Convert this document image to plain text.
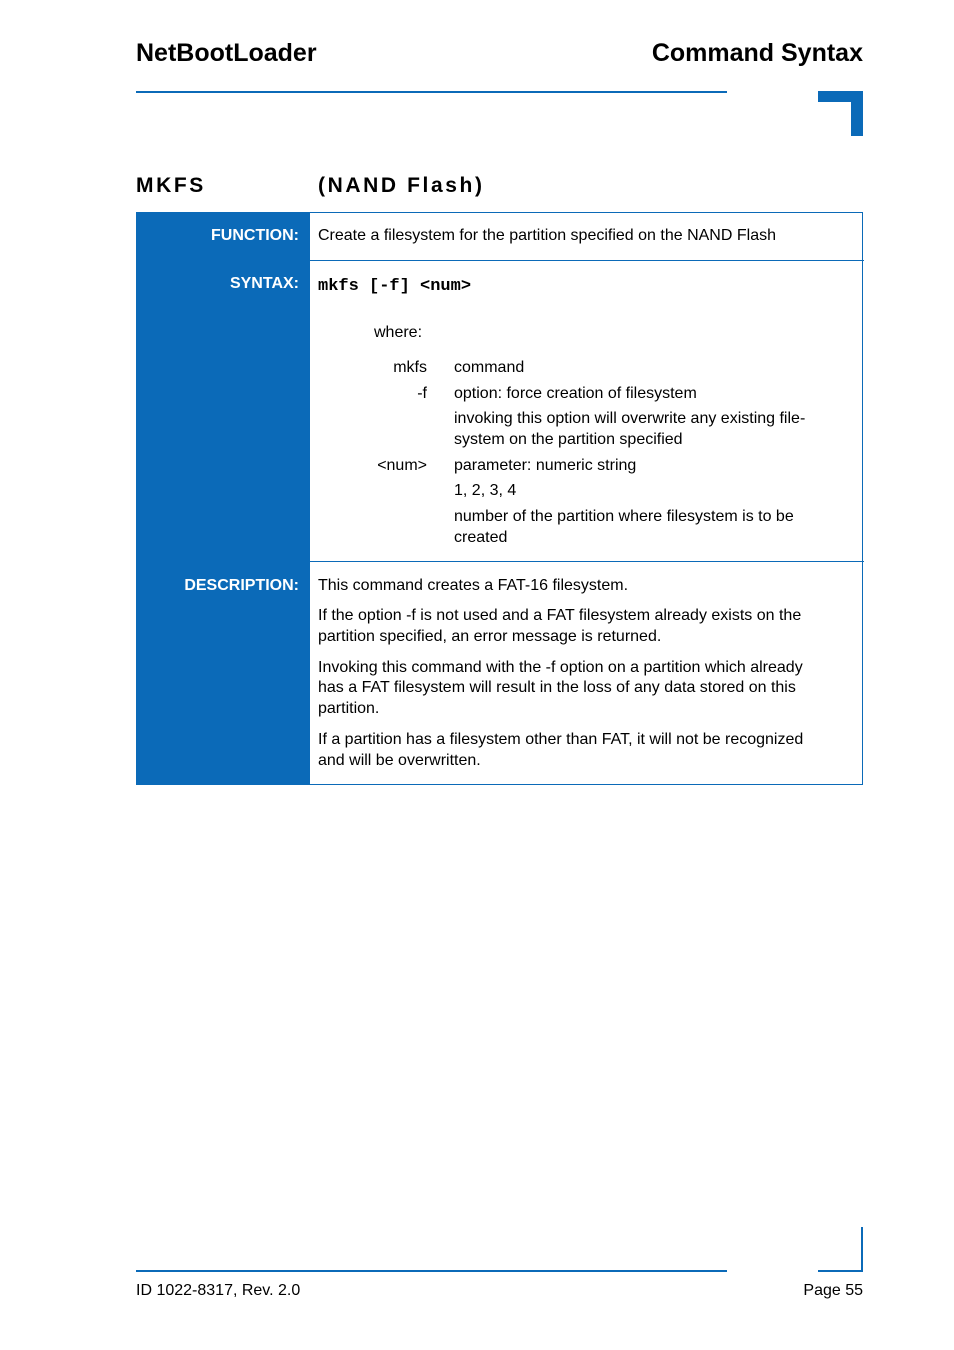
NetBootLoader	Command Syntax
MKFS	(NAND Flash)
FUNCTION: Create a filesystem for the partition specified on the NAND Flash
SYNTAX: mkfs [-f] <num>
where:
mkfs command
-f option: force creation of filesystem
invoking this option will overwrite any existing file-
system on the partition specified
<num> parameter: numeric string
1, 2, 3, 4
number of the partition where filesystem is to be
created
DESCRIPTION: This command creates a FAT-16 filesystem.
If the option -f is not used and a FAT filesystem already exists on the
partition specified, an error message is returned.
Invoking this command with the -f option on a partition which already
has a FAT filesystem will result in the loss of any data stored on this
partition.
If a partition has a filesystem other than FAT, it will not be recognized
and will be overwritten.
ID 1022-8317, Rev. 2.0	Page 55
